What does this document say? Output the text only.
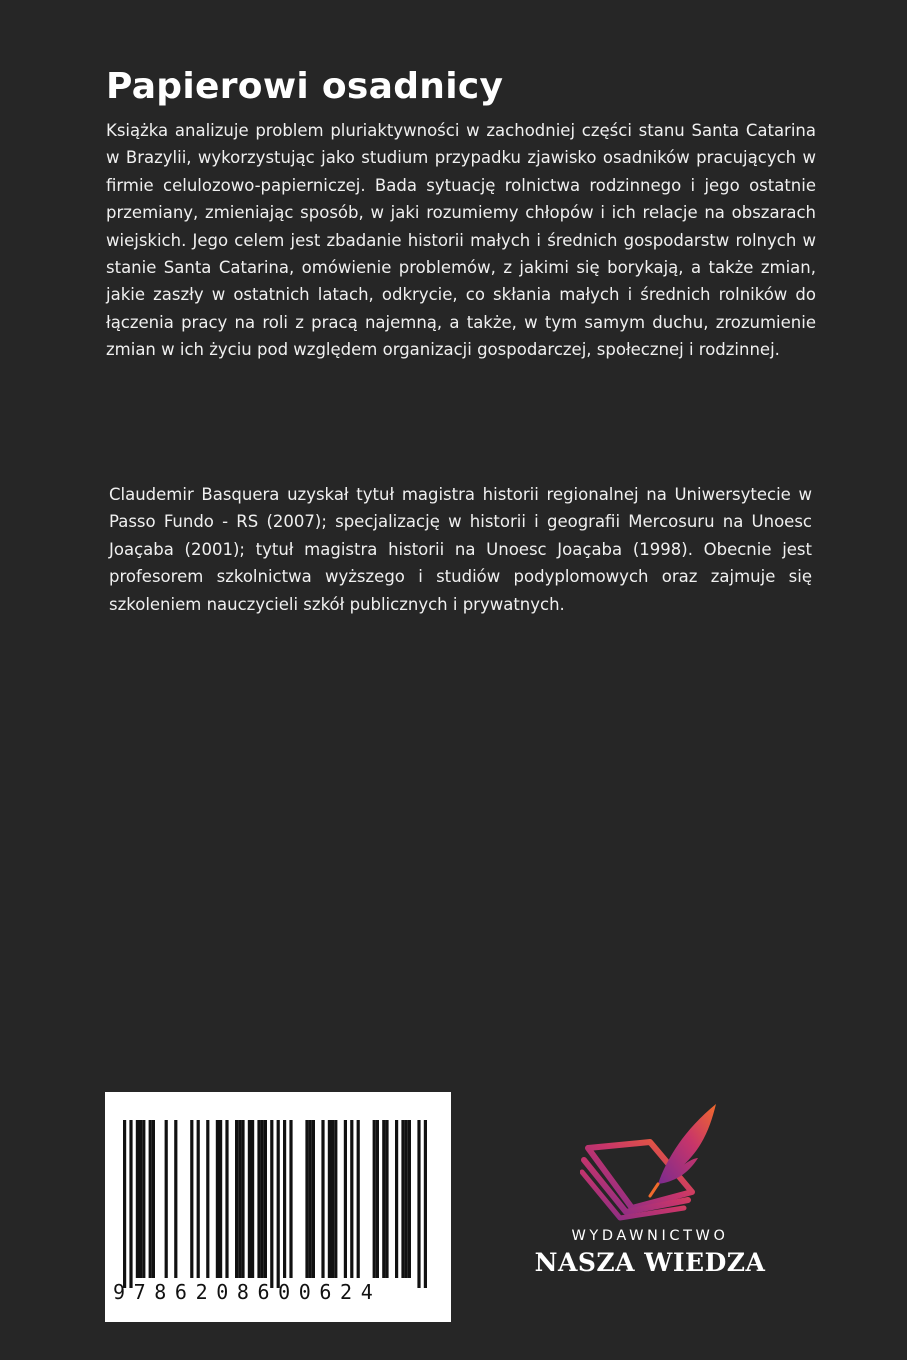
Papierowi osadnicy

Książka analizuje problem pluriaktywności w zachodniej części stanu Santa Catarina w Brazylii, wykorzystując jako studium przypadku zjawisko osadników pracujących w firmie celulozowo-papierniczej. Bada sytuację rolnictwa rodzinnego i jego ostatnie przemiany, zmieniając sposób, w jaki rozumiemy chłopów i ich relacje na obszarach wiejskich. Jego celem jest zbadanie historii małych i średnich gospodarstw rolnych w stanie Santa Catarina, omówienie problemów, z jakimi się borykają, a także zmian, jakie zaszły w ostatnich latach, odkrycie, co skłania małych i średnich rolników do łączenia pracy na roli z pracą najemną, a także, w tym samym duchu, zrozumienie zmian w ich życiu pod względem organizacji gospodarczej, społecznej i rodzinnej.

Claudemir Basquera uzyskał tytuł magistra historii regionalnej na Uniwersytecie w Passo Fundo - RS (2007); specjalizację w historii i geografii Mercosuru na Unoesc Joaçaba (2001); tytuł magistra historii na Unoesc Joaçaba (1998). Obecnie jest profesorem szkolnictwa wyższego i studiów podyplomowych oraz zajmuje się szkoleniem nauczycieli szkół publicznych i prywatnych.

9786208600624
WYDAWNICTWO
NASZA WIEDZA
